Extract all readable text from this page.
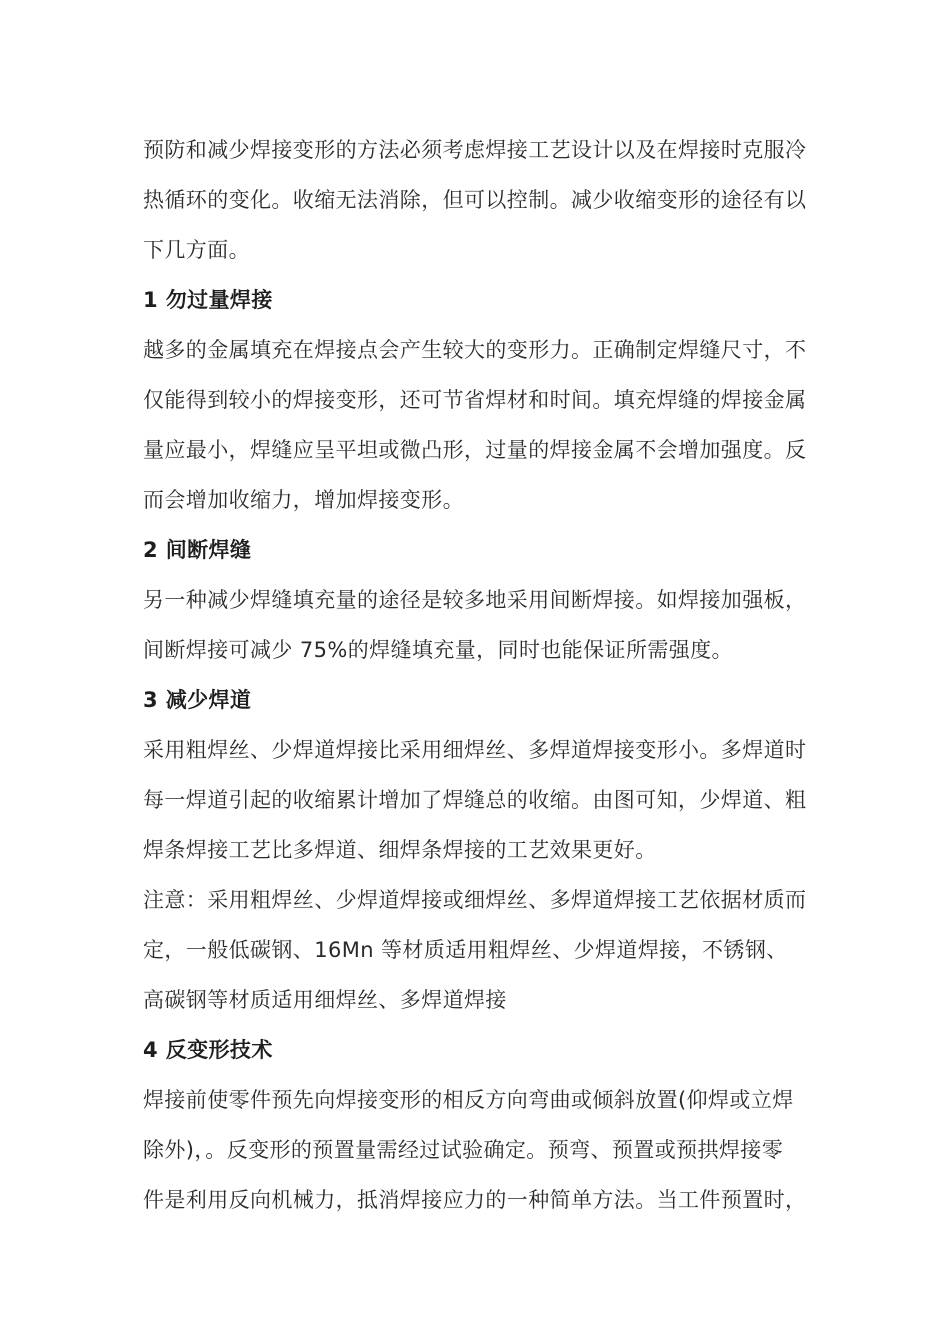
预防和减少焊接变形的方法必须考虑焊接工艺设计以及在焊接时克服冷
热循环的变化。收缩无法消除，但可以控制。减少收缩变形的途径有以
下几方面。
1 勿过量焊接
越多的金属填充在焊接点会产生较大的变形力。正确制定焊缝尺寸，不
仅能得到较小的焊接变形，还可节省焊材和时间。填充焊缝的焊接金属
量应最小，焊缝应呈平坦或微凸形，过量的焊接金属不会增加强度。反
而会增加收缩力，增加焊接变形。
2 间断焊缝
另一种减少焊缝填充量的途径是较多地采用间断焊接。如焊接加强板，
间断焊接可减少 75%的焊缝填充量，同时也能保证所需强度。
3 减少焊道
采用粗焊丝、少焊道焊接比采用细焊丝、多焊道焊接变形小。多焊道时
每一焊道引起的收缩累计增加了焊缝总的收缩。由图可知，少焊道、粗
焊条焊接工艺比多焊道、细焊条焊接的工艺效果更好。
注意：采用粗焊丝、少焊道焊接或细焊丝、多焊道焊接工艺依据材质而
定，一般低碳钢、16Mn 等材质适用粗焊丝、少焊道焊接，不锈钢、
高碳钢等材质适用细焊丝、多焊道焊接
4 反变形技术
焊接前使零件预先向焊接变形的相反方向弯曲或倾斜放置(仰焊或立焊
除外)，。反变形的预置量需经过试验确定。预弯、预置或预拱焊接零
件是利用反向机械力，抵消焊接应力的一种简单方法。当工件预置时，
